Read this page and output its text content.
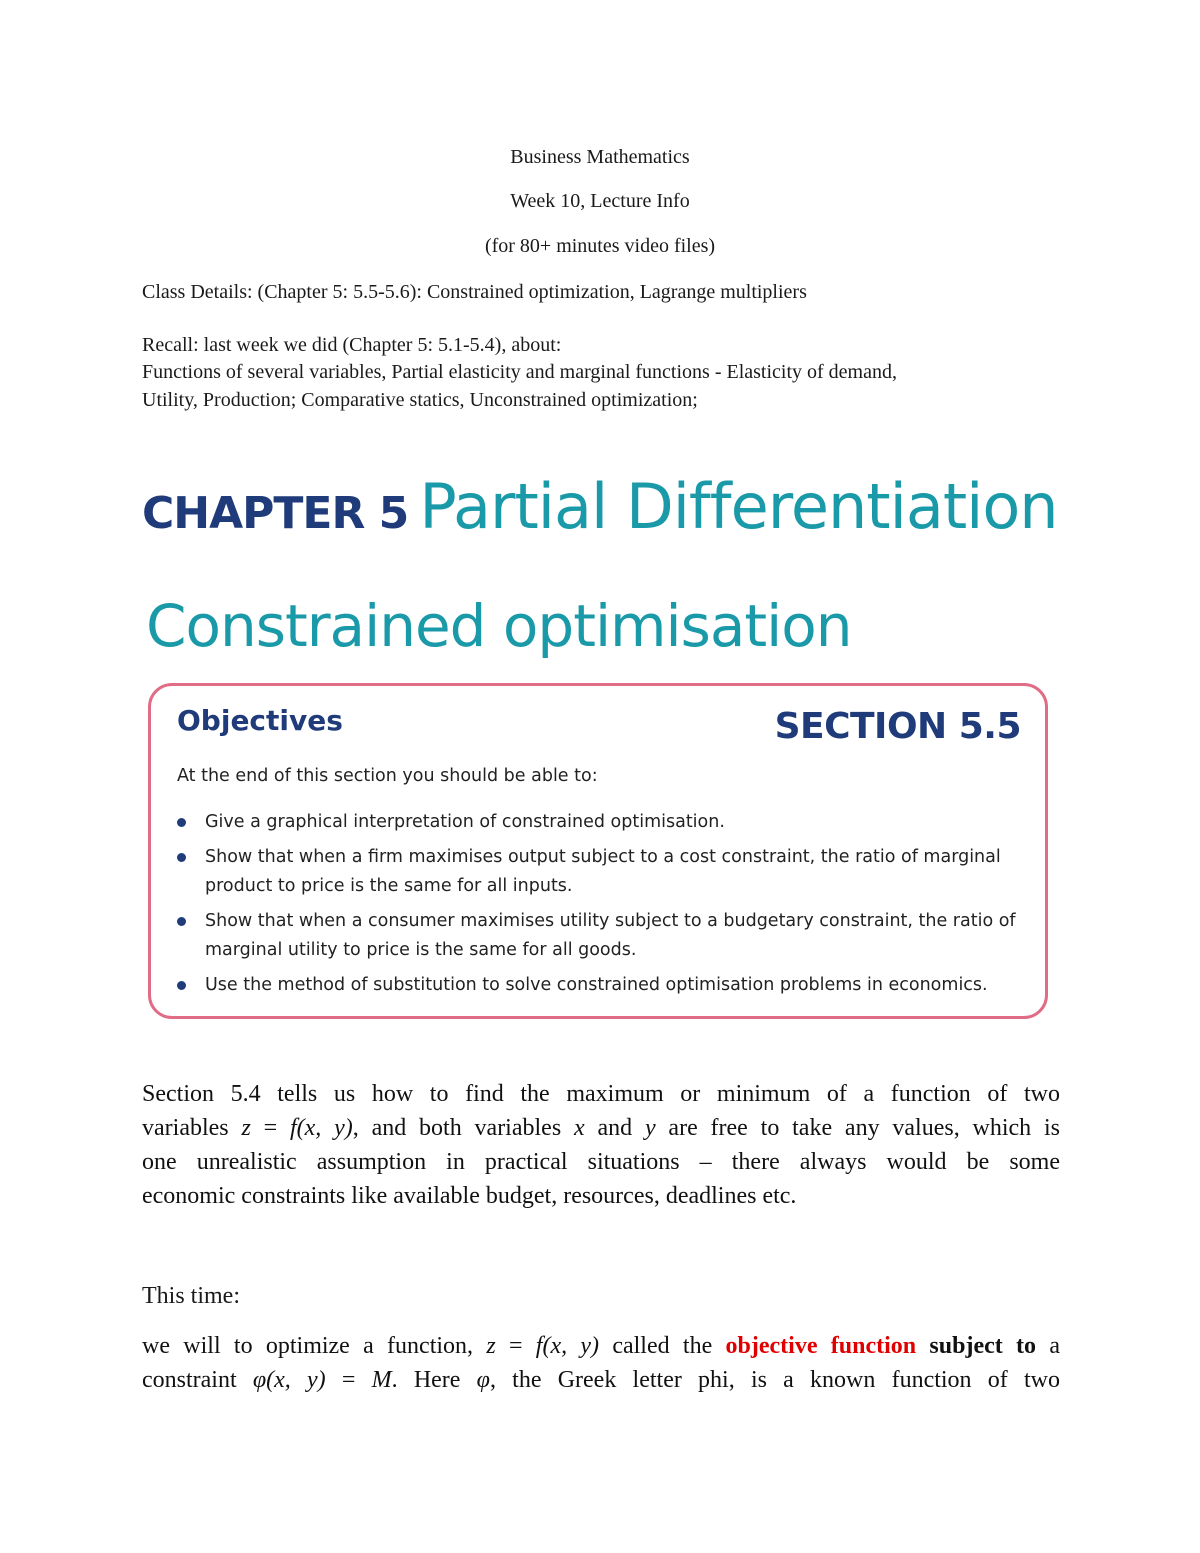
Business Mathematics
Week 10, Lecture Info
(for 80+ minutes video files)
Class Details: (Chapter 5: 5.5-5.6): Constrained optimization, Lagrange multipliers
Recall: last week we did (Chapter 5: 5.1-5.4), about:
Functions of several variables, Partial elasticity and marginal functions - Elasticity of demand,
Utility, Production; Comparative statics, Unconstrained optimization;
CHAPTER 5 Partial Differentiation
Constrained optimisation
Objectives	SECTION 5.5
At the end of this section you should be able to:
Give a graphical interpretation of constrained optimisation.
Show that when a firm maximises output subject to a cost constraint, the ratio of marginal product to price is the same for all inputs.
Show that when a consumer maximises utility subject to a budgetary constraint, the ratio of marginal utility to price is the same for all goods.
Use the method of substitution to solve constrained optimisation problems in economics.
Section 5.4 tells us how to find the maximum or minimum of a function of two
variables z = f(x, y), and both variables x and y are free to take any values, which is
one unrealistic assumption in practical situations – there always would be some
economic constraints like available budget, resources, deadlines etc.
This time:
we will to optimize a function, z = f(x, y) called the objective function subject to a
constraint φ(x, y) = M. Here φ, the Greek letter phi, is a known function of two
